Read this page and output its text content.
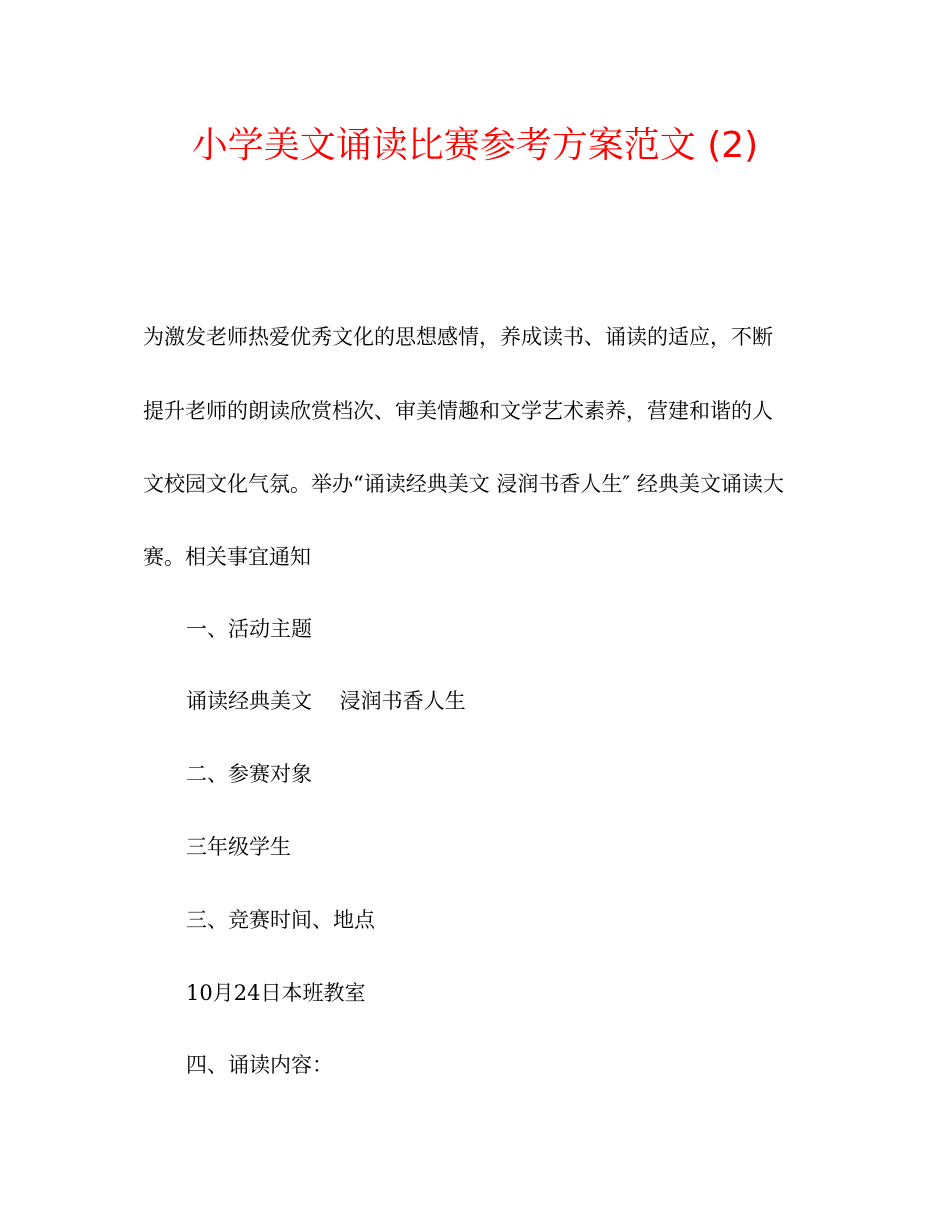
小学美文诵读比赛参考方案范文 (2)
为激发老师热爱优秀文化的思想感情，养成读书、诵读的适应，不断
提升老师的朗读欣赏档次、审美情趣和文学艺术素养，营建和谐的人
文校园文化气氛。举办“诵读经典美文 浸润书香人生″ 经典美文诵读大
赛。相关事宜通知
一、活动主题
诵读经典美文　 浸润书香人生
二、参赛对象
三年级学生
三、竞赛时间、地点
10月24日本班教室
四、诵读内容：
